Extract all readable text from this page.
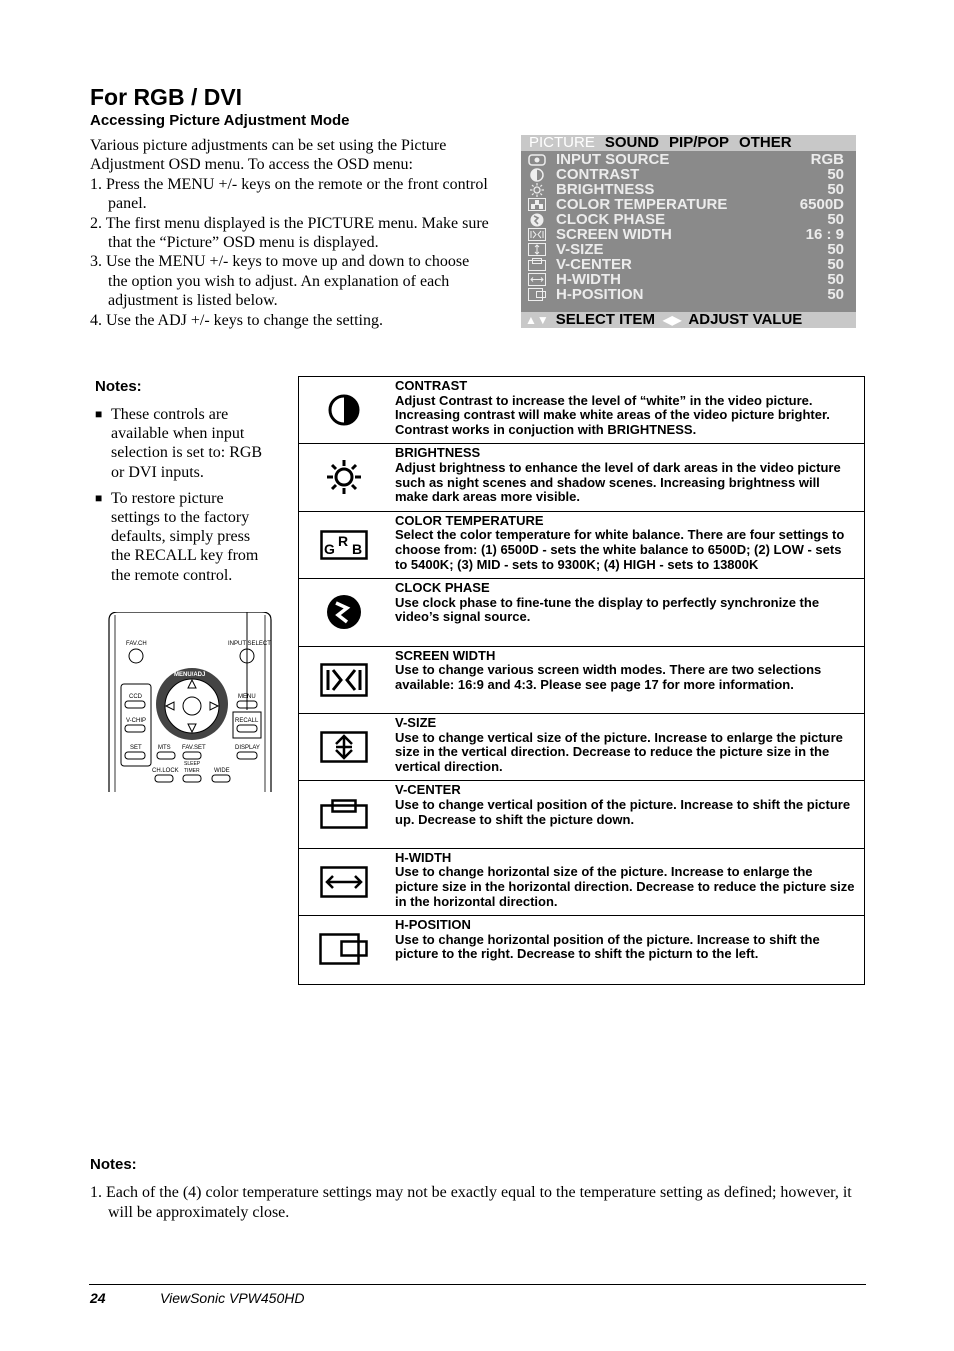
For RGB / DVI
Accessing Picture Adjustment Mode
Various picture adjustments can be set using the Picture Adjustment OSD menu. To access the OSD menu:
1. Press the MENU +/- keys on the remote or the front control panel.
2. The first menu displayed is the PICTURE menu. Make sure that the “Picture” OSD menu is displayed.
3. Use the MENU +/- keys to move up and down to choose the option you wish to adjust. An explanation of each adjustment is listed below.
4. Use the ADJ +/- keys to change the setting.
PICTURE SOUND PIP/POP OTHER
INPUT SOURCE	RGB
CONTRAST	50
BRIGHTNESS	50
COLOR TEMPERATURE	6500D
CLOCK PHASE	50
SCREEN WIDTH	16 : 9
V-SIZE	50
V-CENTER	50
H-WIDTH	50
H-POSITION	50
▲▼ SELECT ITEM ◀▶ ADJUST VALUE
Notes:
■ These controls are available when input selection is set to: RGB or DVI inputs.
■ To restore picture settings to the factory defaults, simply press the RECALL key from the remote control.
FAV.CH	INPUT SELECT
MENU/ADJ
CCD
V-CHIP
SET
MENU
RECALL
DISPLAY
MTS FAV.SET
CH.LOCK
SLEEP
TIMER WIDE
CONTRAST
Adjust Contrast to increase the level of “white” in the video picture. Increasing contrast will make white areas of the video picture brighter. Contrast works in conjuction with BRIGHTNESS.
BRIGHTNESS
Adjust brightness to enhance the level of dark areas in the video picture such as night scenes and shadow scenes. Increasing brightness will make dark areas more visible.
G R B
COLOR TEMPERATURE
Select the color temperature for white balance. There are four settings to choose from: (1) 6500D - sets the white balance to 6500D; (2) LOW - sets to 5400K; (3) MID - sets to 9300K; (4) HIGH - sets to 13800K
CLOCK PHASE
Use clock phase to fine-tune the display to perfectly synchronize the video’s signal source.
SCREEN WIDTH
Use to change various screen width modes. There are two selections available: 16:9 and 4:3. Please see page 17 for more information.
V-SIZE
Use to change vertical size of the picture. Increase to enlarge the picture size in the vertical direction. Decrease to reduce the picture size in the vertical direction.
V-CENTER
Use to change vertical position of the picture. Increase to shift the picture up. Decrease to shift the picture down.
H-WIDTH
Use to change horizontal size of the picture. Increase to enlarge the picture size in the horizontal direction. Decrease to reduce the picture size in the horizontal direction.
H-POSITION
Use to change horizontal position of the picture. Increase to shift the picture to the right. Decrease to shift the picturn to the left.
Notes:
1. Each of the (4) color temperature settings may not be exactly equal to the temperature setting as defined; however, it will be approximately close.
24	ViewSonic VPW450HD
